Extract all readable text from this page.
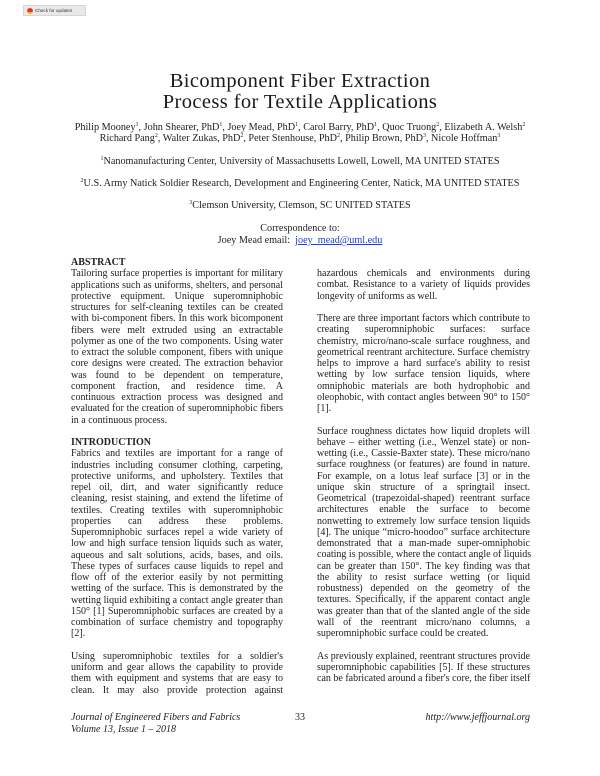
Check for updates
Bicomponent Fiber Extraction
Process for Textile Applications
Philip Mooney$^1$, John Shearer, PhD$^1$, Joey Mead, PhD$^1$, Carol Barry, PhD$^1$, Quoc Truong$^2$, Elizabeth A. Welsh$^2$
Richard Pang$^2$, Walter Zukas, PhD$^2$, Peter Stenhouse, PhD$^2$, Philip Brown, PhD$^3$, Nicole Hoffman$^3$
$^1$Nanomanufacturing Center, University of Massachusetts Lowell, Lowell, MA UNITED STATES
$^2$U.S. Army Natick Soldier Research, Development and Engineering Center, Natick, MA UNITED STATES
$^3$Clemson University, Clemson, SC UNITED STATES
Correspondence to:
Joey Mead email: joey_mead@uml.edu
ABSTRACT
Tailoring surface properties is important for military
applications such as uniforms, shelters, and personal
protective equipment. Unique superomniphobic
structures for self-cleaning textiles can be created
with bi-component fibers. In this work bicomponent
fibers were melt extruded using an extractable
polymer as one of the two components. Using water
to extract the soluble component, fibers with unique
core designs were created. The extraction behavior
was found to be dependent on temperature,
component fraction, and residence time. A
continuous extraction process was designed and
evaluated for the creation of superomniphobic fibers
in a continuous process.
INTRODUCTION
Fabrics and textiles are important for a range of
industries including consumer clothing, carpeting,
protective uniforms, and upholstery. Textiles that
repel oil, dirt, and water significantly reduce
cleaning, resist staining, and extend the lifetime of
textiles. Creating textiles with superomniphobic
properties can address these problems.
Superomniphobic surfaces repel a wide variety of
low and high surface tension liquids such as water,
aqueous and salt solutions, acids, bases, and oils.
These types of surfaces cause liquids to repel and
flow off of the exterior easily by not permitting
wetting of the surface. This is demonstrated by the
wetting liquid exhibiting a contact angle greater than
150° [1] Superomniphobic surfaces are created by a
combination of surface chemistry and topography
[2].
Using superomniphobic textiles for a soldier's
uniform and gear allows the capability to provide
them with equipment and systems that are easy to
clean. It may also provide protection against
hazardous chemicals and environments during
combat. Resistance to a variety of liquids provides
longevity of uniforms as well.
There are three important factors which contribute to
creating superomniphobic surfaces: surface
chemistry, micro/nano-scale surface roughness, and
geometrical reentrant architecture. Surface chemistry
helps to improve a hard surface's ability to resist
wetting by low surface tension liquids, where
omniphobic materials are both hydrophobic and
oleophobic, with contact angles between 90° to 150°
[1].
Surface roughness dictates how liquid droplets will
behave – either wetting (i.e., Wenzel state) or non-
wetting (i.e., Cassie-Baxter state). These micro/nano
surface roughness (or features) are found in nature.
For example, on a lotus leaf surface [3] or in the
unique skin structure of a springtail insect.
Geometrical (trapezoidal-shaped) reentrant surface
architectures enable the surface to become
nonwetting to extremely low surface tension liquids
[4]. The unique “micro-hoodoo” surface architecture
demonstrated that a man-made super-omniphobic
coating is possible, where the contact angle of liquids
can be greater than 150°. The key finding was that
the ability to resist surface wetting (or liquid
robustness) depended on the geometry of the
textures. Specifically, if the apparent contact angle
was greater than that of the slanted angle of the side
wall of the reentrant micro/nano columns, a
superomniphobic surface could be created.
As previously explained, reentrant structures provide
superomniphobic capabilities [5]. If these structures
can be fabricated around a fiber's core, the fiber itself
Journal of Engineered Fibers and Fabrics
Volume 13, Issue 1 – 2018
33	http://www.jeffjournal.org
